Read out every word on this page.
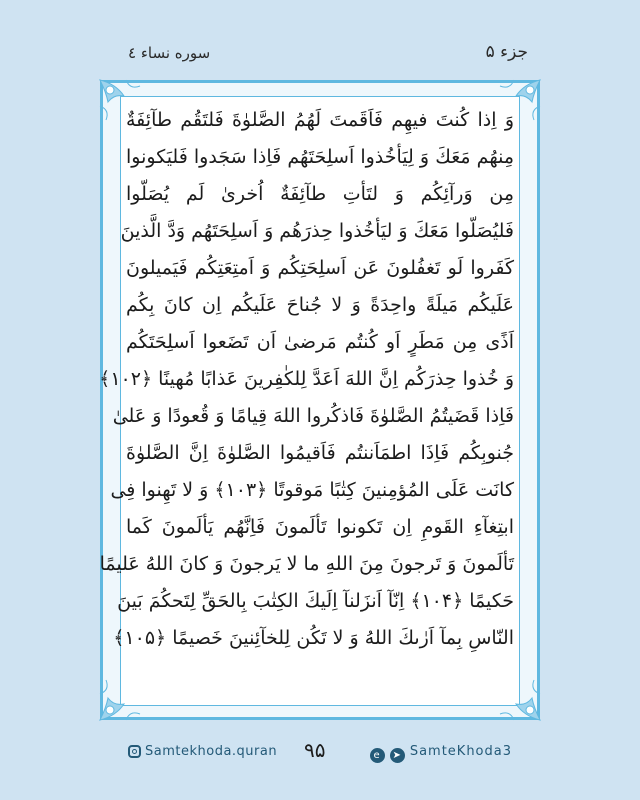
جزء ۵
سوره نساء ٤
وَ اِذا كُنتَ فيهِم فَاَقَمتَ لَهُمُ الصَّلوٰةَ فَلتَقُم طآئِفَةٌ
مِنهُم مَعَكَ وَ لِيَأخُذوا اَسلِحَتَهُم فَاِذا سَجَدوا فَليَكونوا
مِن وَرآئِكُم وَ لتَأتِ طآئِفَةٌ اُخرىٰ لَم يُصَلّوا
فَليُصَلّوا مَعَكَ وَ ليَأخُذوا حِذرَهُم وَ اَسلِحَتَهُم وَدَّ الَّذينَ
كَفَروا لَو تَغفُلونَ عَن اَسلِحَتِكُم وَ اَمتِعَتِكُم فَيَميلونَ
عَلَيكُم مَيلَةً واحِدَةً وَ لا جُناحَ عَلَيكُم اِن كانَ بِكُم
اَذًى مِن مَطَرٍ اَو كُنتُم مَرضىٰ اَن تَضَعوا اَسلِحَتَكُم
وَ خُذوا حِذرَكُم اِنَّ اللهَ اَعَدَّ لِلكٰفِرينَ عَذابًا مُهينًا ﴿۱۰۲﴾
فَاِذا قَضَيتُمُ الصَّلوٰةَ فَاذكُروا اللهَ قِيامًا وَ قُعودًا وَ عَلىٰ
جُنوبِكُم فَاِذَا اطمَاَننتُم فَاَقيمُوا الصَّلوٰةَ اِنَّ الصَّلوٰةَ
كانَت عَلَى المُؤمِنينَ كِتٰبًا مَوقوتًا ﴿۱۰۳﴾ وَ لا تَهِنوا فِى
ابتِغآءِ القَومِ اِن تَكونوا تَألَمونَ فَاِنَّهُم يَألَمونَ كَما
تَألَمونَ وَ تَرجونَ مِنَ اللهِ ما لا يَرجونَ وَ كانَ اللهُ عَليمًا
حَكيمًا ﴿۱۰۴﴾ اِنّآ اَنزَلنآ اِلَيكَ الكِتٰبَ بِالحَقِّ لِتَحكُمَ بَينَ
النّاسِ بِمآ اَرٰىكَ اللهُ وَ لا تَكُن لِلخآئِنينَ خَصيمًا ﴿۱۰۵﴾
Samtekhoda.quran ۹۵	e ➤ SamteKhoda3
